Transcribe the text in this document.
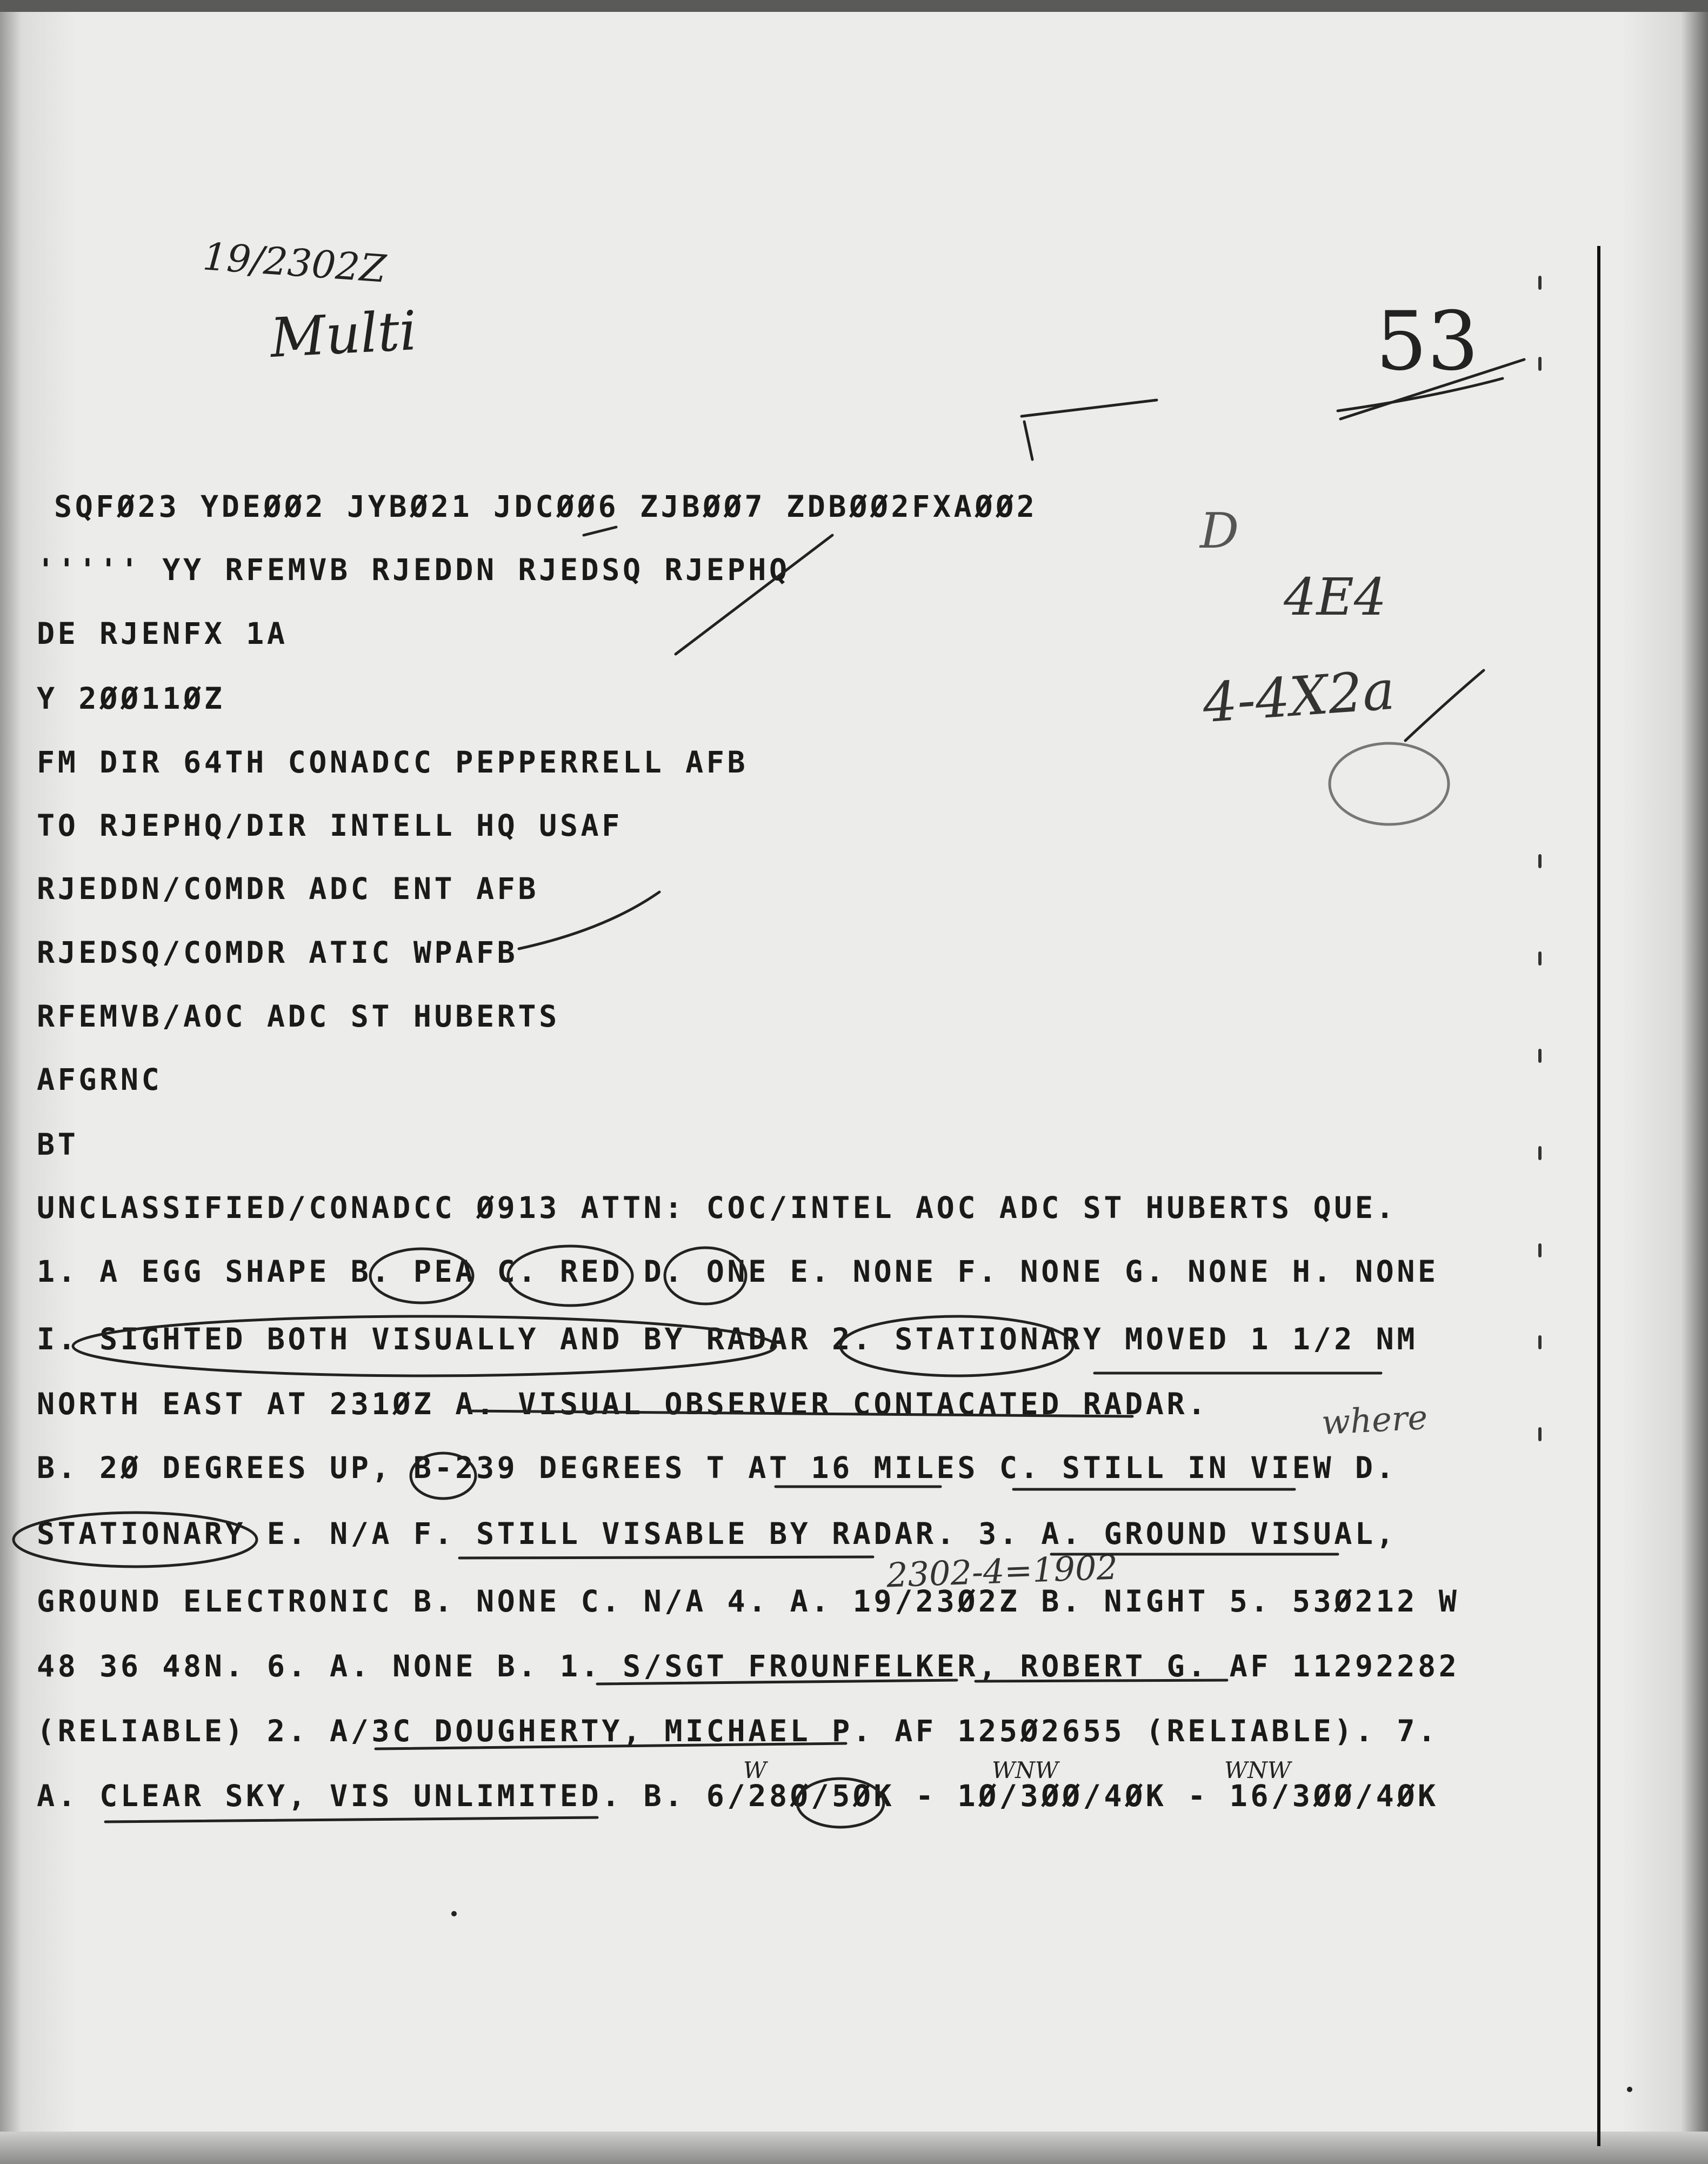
19/2302Z
Multi	53
D
4E4
4-4X2a
where
2302-4=1902
W	WNW	WNW
SQFØ23 YDEØØ2 JYBØ21 JDCØØ6 ZJBØØ7 ZDBØØ2FXAØØ2
''''' YY RFEMVB RJEDDN RJEDSQ RJEPHQ
DE RJENFX 1A
Y 2ØØ11ØZ
FM DIR 64TH CONADCC PEPPERRELL AFB
TO RJEPHQ/DIR INTELL HQ USAF
RJEDDN/COMDR ADC ENT AFB
RJEDSQ/COMDR ATIC WPAFB
RFEMVB/AOC ADC ST HUBERTS
AFGRNC
BT
UNCLASSIFIED/CONADCC Ø913 ATTN: COC/INTEL AOC ADC ST HUBERTS QUE.
1. A EGG SHAPE B. PEA C. RED D. ONE E. NONE F. NONE G. NONE H. NONE
I. SIGHTED BOTH VISUALLY AND BY RADAR 2. STATIONARY MOVED 1 1/2 NM
NORTH EAST AT 231ØZ A. VISUAL OBSERVER CONTACATED RADAR.
B. 2Ø DEGREES UP, B-239 DEGREES T AT 16 MILES C. STILL IN VIEW D.
STATIONARY E. N/A F. STILL VISABLE BY RADAR. 3. A. GROUND VISUAL,
GROUND ELECTRONIC B. NONE C. N/A 4. A. 19/23Ø2Z B. NIGHT 5. 53Ø212 W
48 36 48N. 6. A. NONE B. 1. S/SGT FROUNFELKER, ROBERT G. AF 11292282
(RELIABLE) 2. A/3C DOUGHERTY, MICHAEL P. AF 125Ø2655 (RELIABLE). 7.
A. CLEAR SKY, VIS UNLIMITED. B. 6/28Ø/5ØK - 1Ø/3ØØ/4ØK - 16/3ØØ/4ØK
